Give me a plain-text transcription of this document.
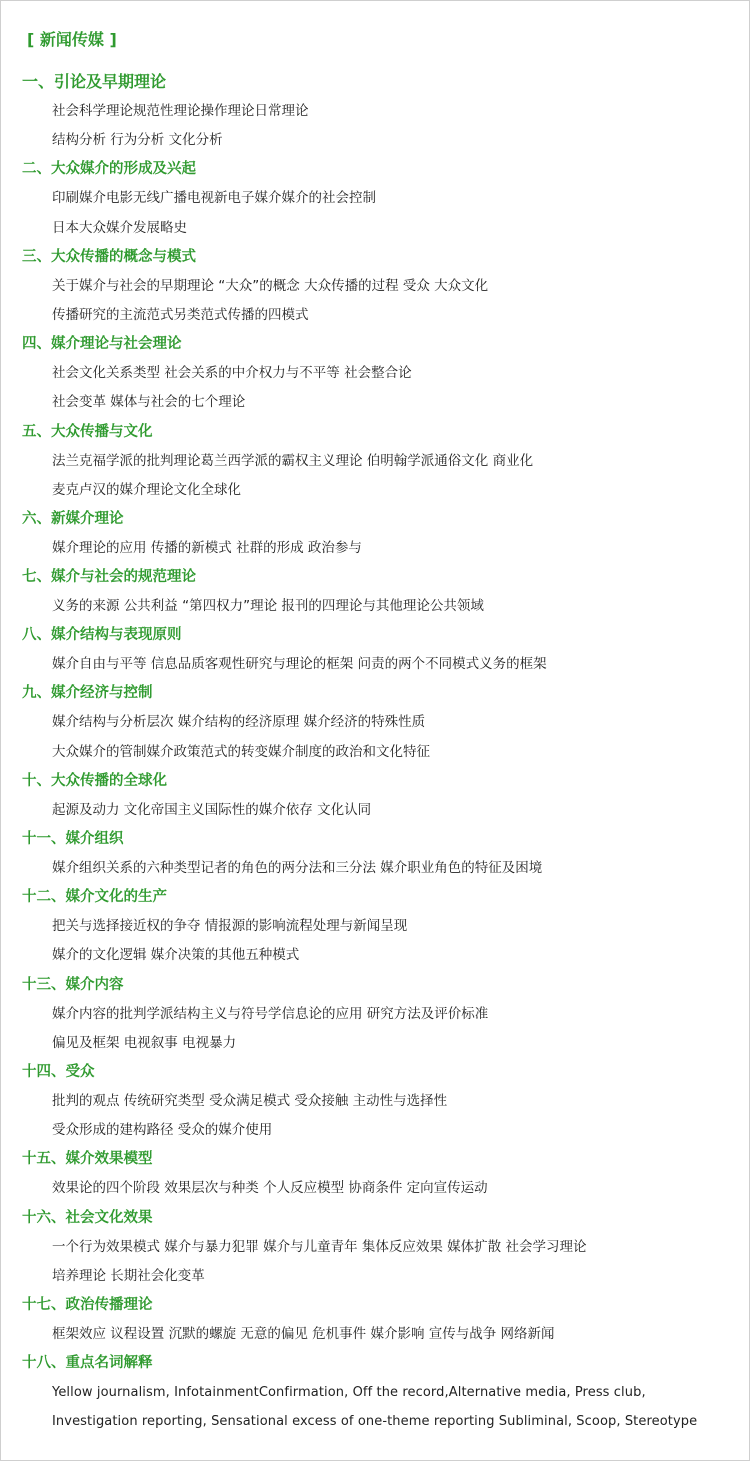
[ 新闻传媒 ]
一、引论及早期理论
社会科学理论规范性理论操作理论日常理论
结构分析 行为分析 文化分析
二、大众媒介的形成及兴起
印刷媒介电影无线广播电视新电子媒介媒介的社会控制
日本大众媒介发展略史
三、大众传播的概念与模式
关于媒介与社会的早期理论 “大众”的概念 大众传播的过程 受众 大众文化
传播研究的主流范式另类范式传播的四模式
四、媒介理论与社会理论
社会文化关系类型 社会关系的中介权力与不平等 社会整合论
社会变革 媒体与社会的七个理论
五、大众传播与文化
法兰克福学派的批判理论葛兰西学派的霸权主义理论 伯明翰学派通俗文化 商业化
麦克卢汉的媒介理论文化全球化
六、新媒介理论
媒介理论的应用 传播的新模式 社群的形成 政治参与
七、媒介与社会的规范理论
义务的来源 公共利益 “第四权力”理论 报刊的四理论与其他理论公共领域
八、媒介结构与表现原则
媒介自由与平等 信息品质客观性研究与理论的框架 问责的两个不同模式义务的框架
九、媒介经济与控制
媒介结构与分析层次 媒介结构的经济原理 媒介经济的特殊性质
大众媒介的管制媒介政策范式的转变媒介制度的政治和文化特征
十、大众传播的全球化
起源及动力 文化帝国主义国际性的媒介依存 文化认同
十一、媒介组织
媒介组织关系的六种类型记者的角色的两分法和三分法 媒介职业角色的特征及困境
十二、媒介文化的生产
把关与选择接近权的争夺 情报源的影响流程处理与新闻呈现
媒介的文化逻辑 媒介决策的其他五种模式
十三、媒介内容
媒介内容的批判学派结构主义与符号学信息论的应用 研究方法及评价标准
偏见及框架 电视叙事 电视暴力
十四、受众
批判的观点 传统研究类型 受众满足模式 受众接触 主动性与选择性
受众形成的建构路径 受众的媒介使用
十五、媒介效果模型
效果论的四个阶段 效果层次与种类 个人反应模型 协商条件 定向宣传运动
十六、社会文化效果
一个行为效果模式 媒介与暴力犯罪 媒介与儿童青年 集体反应效果 媒体扩散 社会学习理论
培养理论 长期社会化变革
十七、政治传播理论
框架效应 议程设置 沉默的螺旋 无意的偏见 危机事件 媒介影响 宣传与战争 网络新闻
十八、重点名词解释
Yellow journalism, InfotainmentConfirmation, Off the record,Alternative media, Press club,
Investigation reporting, Sensational excess of one-theme reporting Subliminal, Scoop, Stereotype
